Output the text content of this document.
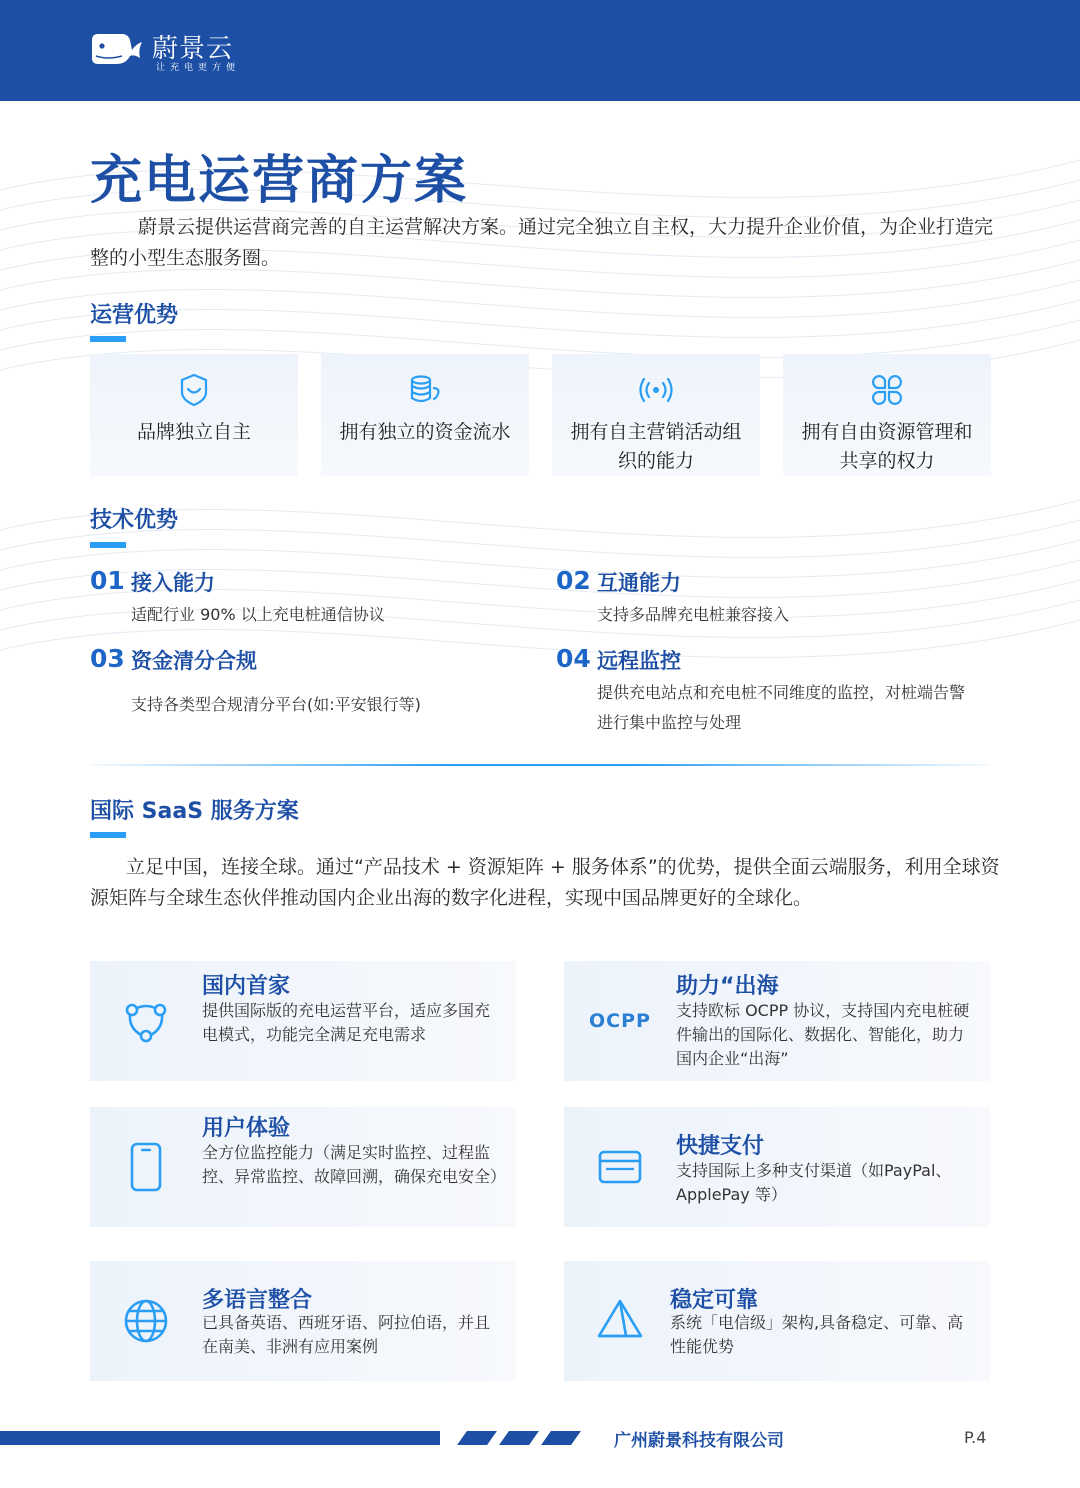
蔚景云
让充电更方便
充电运营商方案

蔚景云提供运营商完善的自主运营解决方案。通过完全独立自主权，大力提升企业价值，为企业打造完整的小型生态服务圈。

运营优势
品牌独立自主	拥有独立的资金流水	拥有自主营销活动组织的能力
拥有自由资源管理和共享的权力
技术优势
01 接入能力
适配行业 90% 以上充电桩通信协议
02 互通能力
支持多品牌充电桩兼容接入
03 资金清分合规
支持各类型合规清分平台(如:平安银行等)
04 远程监控
提供充电站点和充电桩不同维度的监控，对桩端告警进行集中监控与处理
国际 SaaS 服务方案

立足中国，连接全球。通过“产品技术 + 资源矩阵 + 服务体系”的优势，提供全面云端服务，利用全球资源矩阵与全球生态伙伴推动国内企业出海的数字化进程，实现中国品牌更好的全球化。

国内首家
提供国际版的充电运营平台，适应多国充电模式，功能完全满足充电需求
OCPP
助力“出海
支持欧标 OCPP 协议，支持国内充电桩硬件输出的国际化、数据化、智能化，助力国内企业“出海”
用户体验
全方位监控能力（满足实时监控、过程监控、异常监控、故障回溯，确保充电安全）
快捷支付
支持国际上多种支付渠道（如PayPal、ApplePay 等）
多语言整合
已具备英语、西班牙语、阿拉伯语，并且在南美、非洲有应用案例
稳定可靠
系统「电信级」架构,具备稳定、可靠、高性能优势
广州蔚景科技有限公司	P.4
